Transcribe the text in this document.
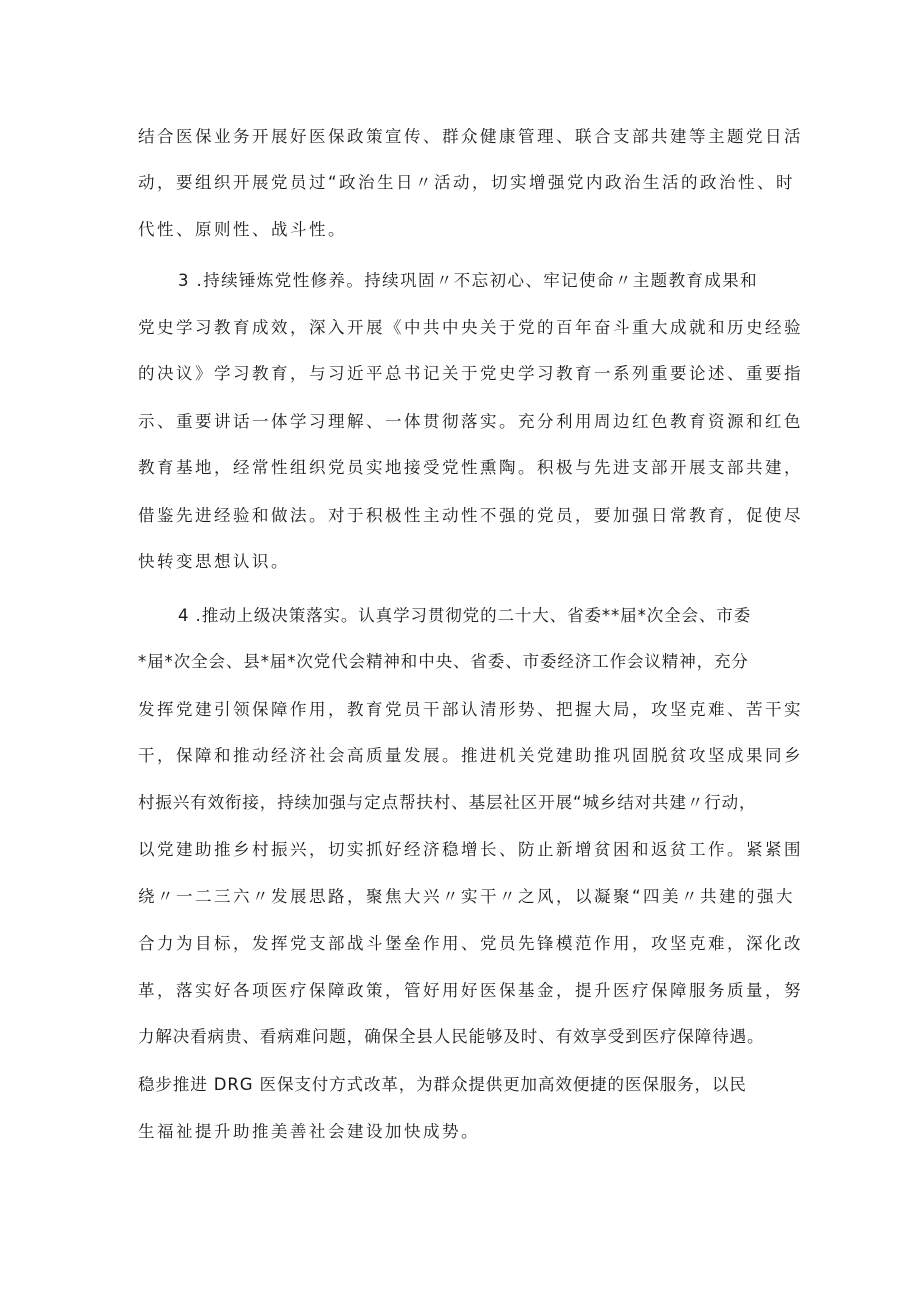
结合医保业务开展好医保政策宣传、群众健康管理、联合支部共建等主题党日活
动，要组织开展党员过“政治生日〃活动，切实增强党内政治生活的政治性、时
代性、原则性、战斗性。
3 .持续锤炼党性修养。持续巩固〃不忘初心、牢记使命〃主题教育成果和
党史学习教育成效，深入开展《中共中央关于党的百年奋斗重大成就和历史经验
的决议》学习教育，与习近平总书记关于党史学习教育一系列重要论述、重要指
示、重要讲话一体学习理解、一体贯彻落实。充分利用周边红色教育资源和红色
教育基地，经常性组织党员实地接受党性熏陶。积极与先进支部开展支部共建，
借鉴先进经验和做法。对于积极性主动性不强的党员，要加强日常教育，促使尽
快转变思想认识。
4 .推动上级决策落实。认真学习贯彻党的二十大、省委**届*次全会、市委
*届*次全会、县*届*次党代会精神和中央、省委、市委经济工作会议精神，充分
发挥党建引领保障作用，教育党员干部认清形势、把握大局，攻坚克难、苦干实
干，保障和推动经济社会高质量发展。推进机关党建助推巩固脱贫攻坚成果同乡
村振兴有效衔接，持续加强与定点帮扶村、基层社区开展“城乡结对共建〃行动，
以党建助推乡村振兴，切实抓好经济稳增长、防止新增贫困和返贫工作。紧紧围
绕〃一二三六〃发展思路，聚焦大兴〃实干〃之风，以凝聚“四美〃共建的强大
合力为目标，发挥党支部战斗堡垒作用、党员先锋模范作用，攻坚克难，深化改
革，落实好各项医疗保障政策，管好用好医保基金，提升医疗保障服务质量，努
力解决看病贵、看病难问题，确保全县人民能够及时、有效享受到医疗保障待遇。
稳步推进 DRG 医保支付方式改革，为群众提供更加高效便捷的医保服务，以民
生福祉提升助推美善社会建设加快成势。
